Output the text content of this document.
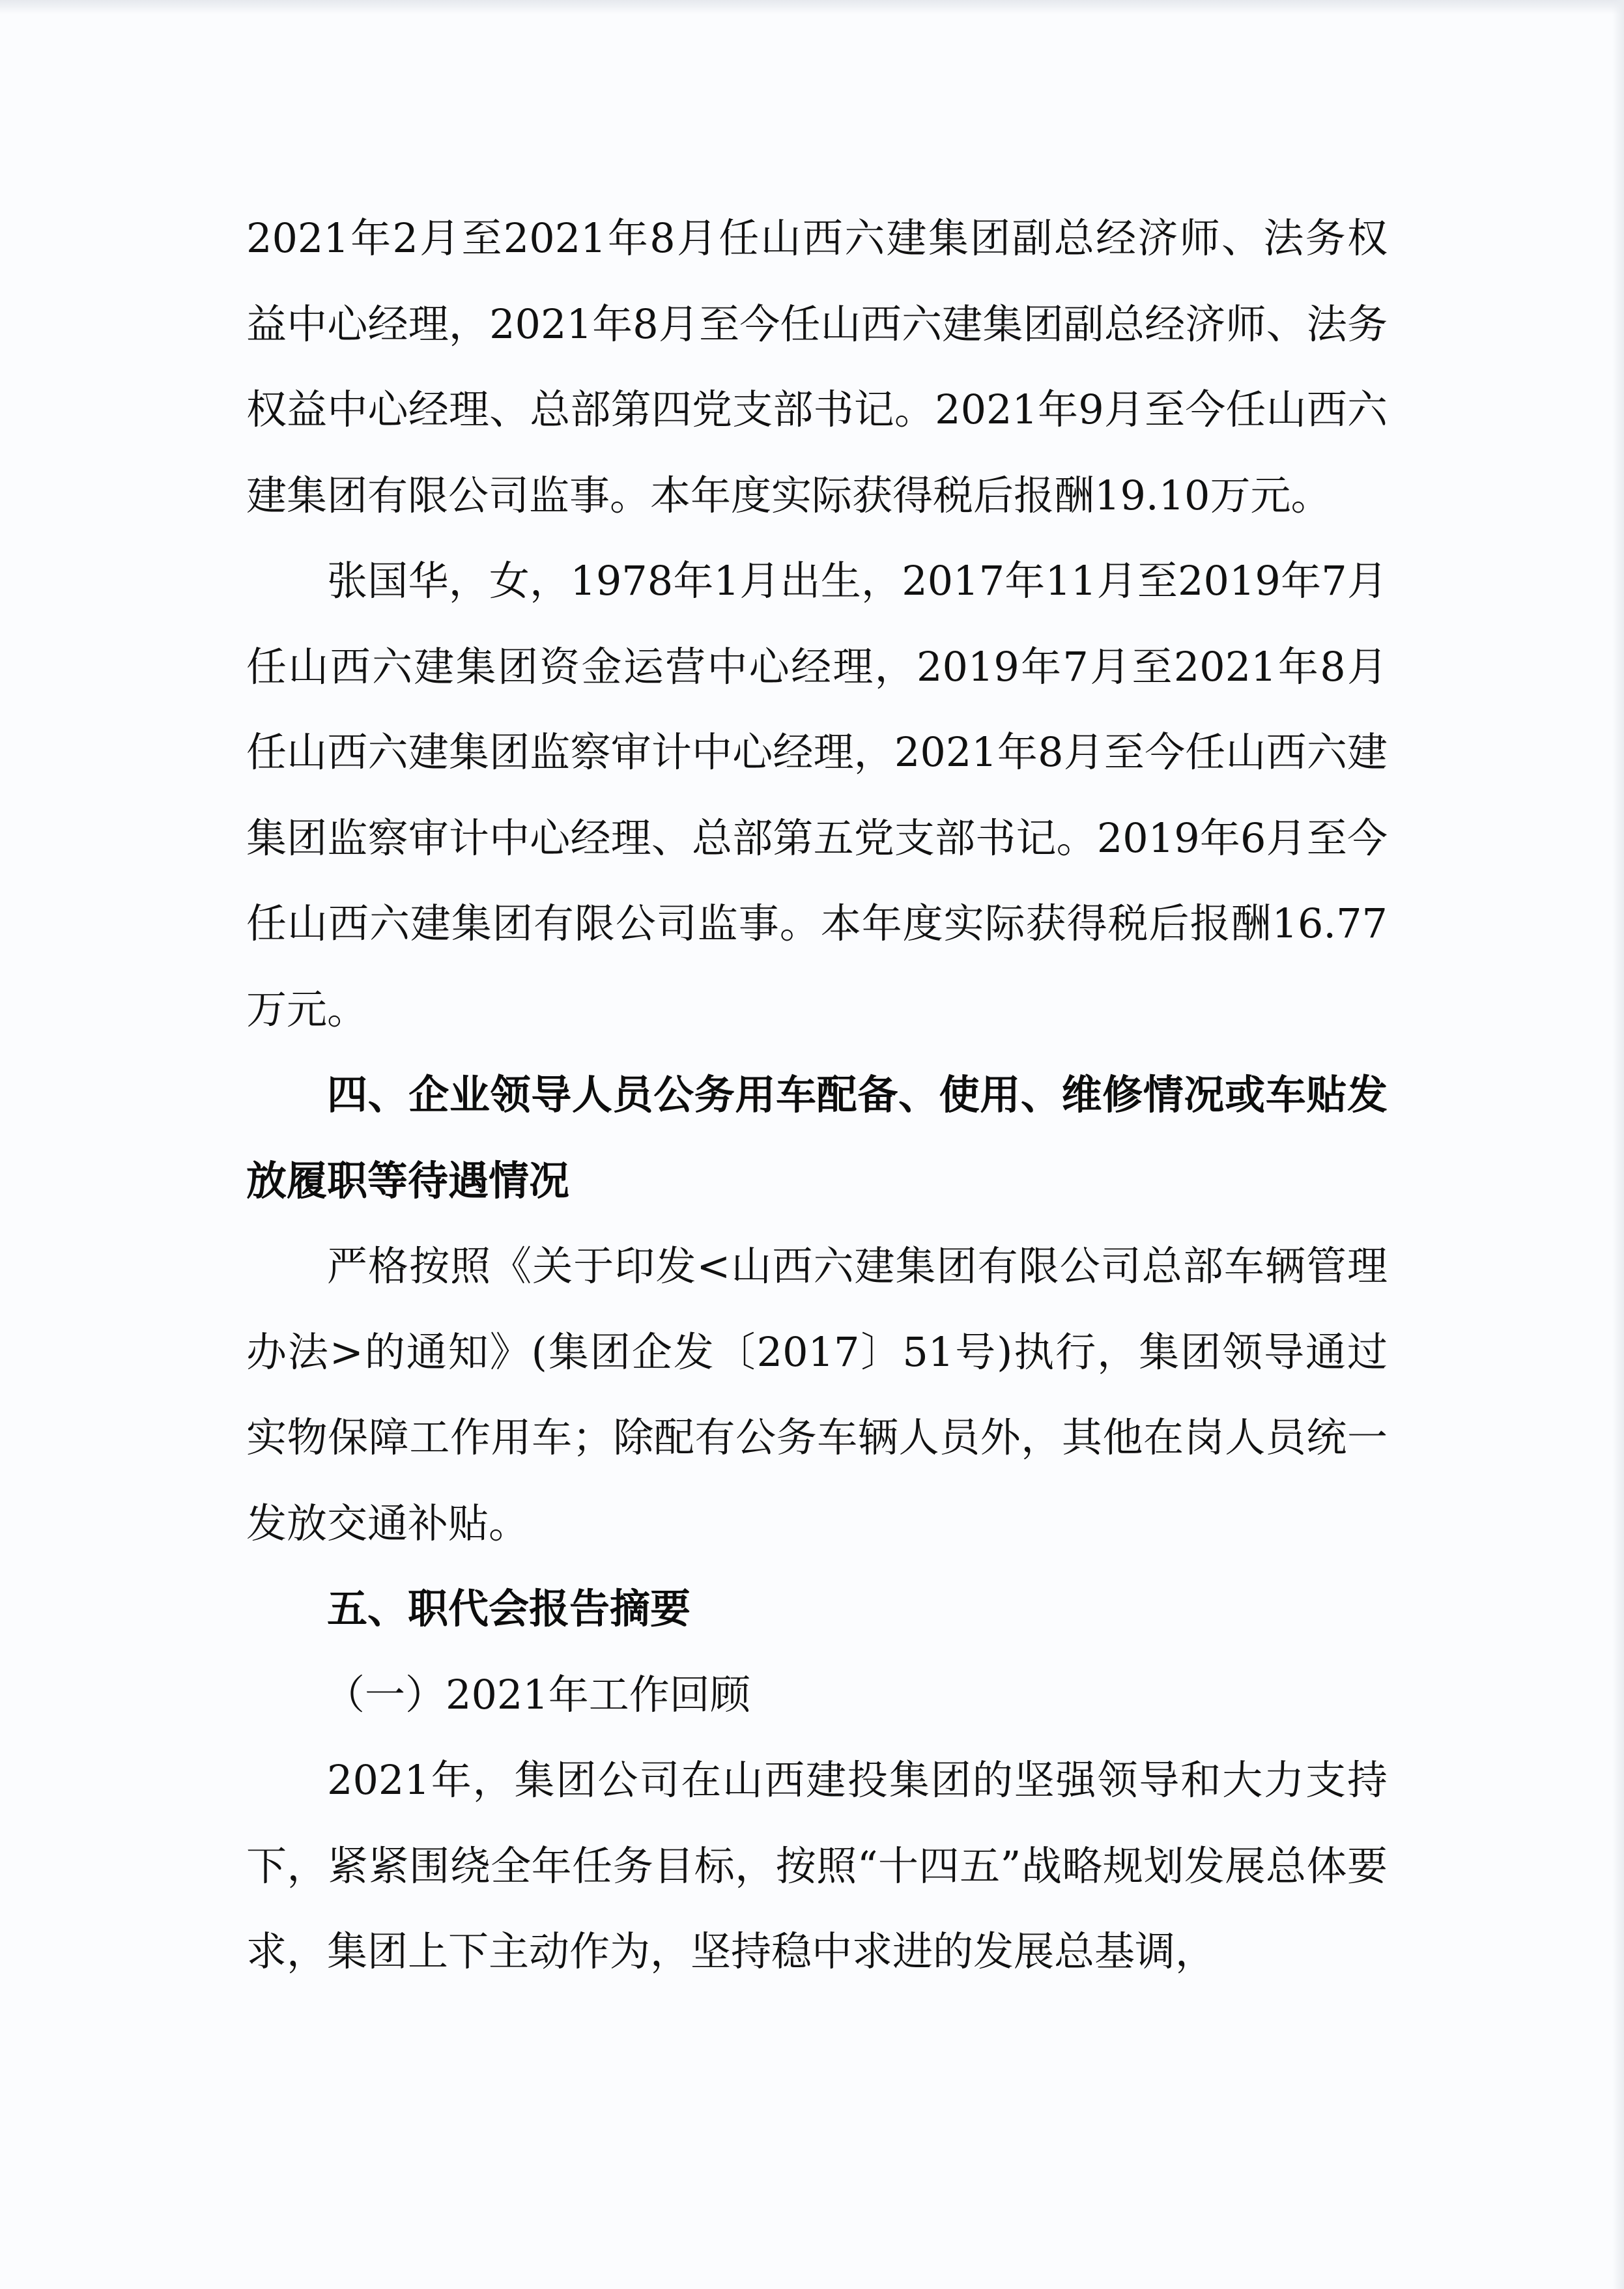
2021年2月至2021年8月任山西六建集团副总经济师、法务权益中心经理，2021年8月至今任山西六建集团副总经济师、法务权益中心经理、总部第四党支部书记。2021年9月至今任山西六建集团有限公司监事。本年度实际获得税后报酬19.10万元。

张国华，女，1978年1月出生，2017年11月至2019年7月任山西六建集团资金运营中心经理，2019年7月至2021年8月任山西六建集团监察审计中心经理，2021年8月至今任山西六建集团监察审计中心经理、总部第五党支部书记。2019年6月至今任山西六建集团有限公司监事。本年度实际获得税后报酬16.77万元。

四、企业领导人员公务用车配备、使用、维修情况或车贴发放履职等待遇情况

严格按照《关于印发<山西六建集团有限公司总部车辆管理办法>的通知》(集团企发〔2017〕51号)执行，集团领导通过实物保障工作用车；除配有公务车辆人员外，其他在岗人员统一发放交通补贴。

五、职代会报告摘要

（一）2021年工作回顾

2021年，集团公司在山西建投集团的坚强领导和大力支持下，紧紧围绕全年任务目标，按照“十四五”战略规划发展总体要求，集团上下主动作为，坚持稳中求进的发展总基调，
